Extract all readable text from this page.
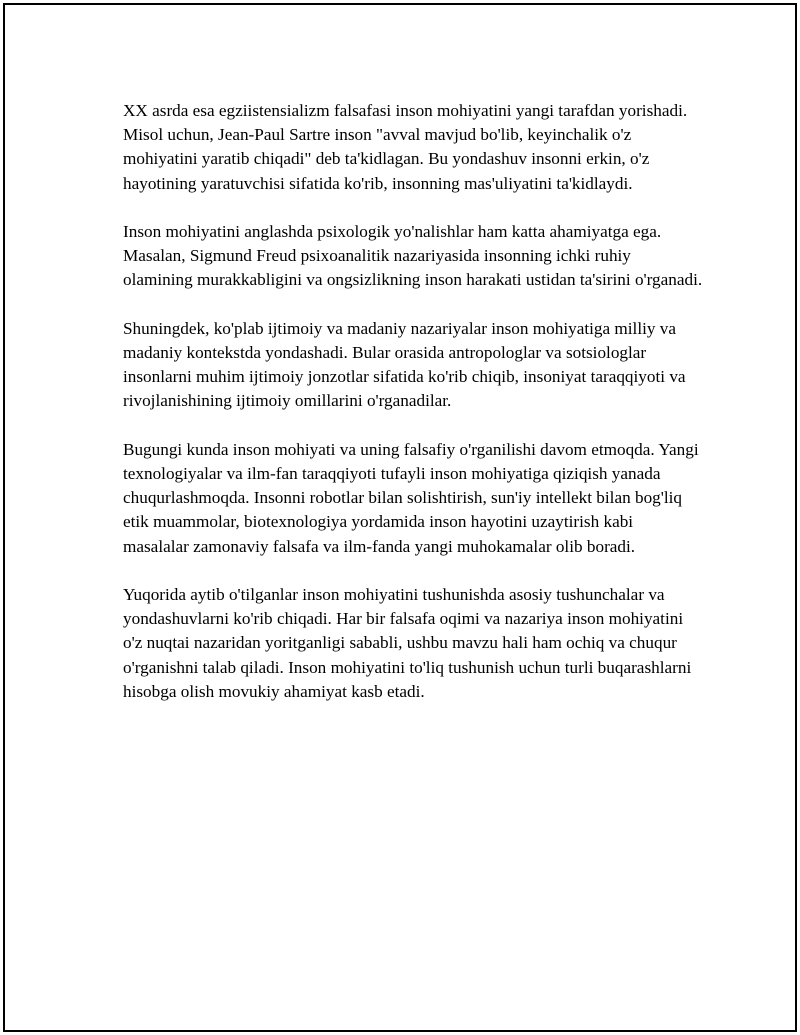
XX asrda esa egziistensializm falsafasi inson mohiyatini yangi tarafdan yorishadi. Misol uchun, Jean-Paul Sartre inson "avval mavjud bo'lib, keyinchalik o'z mohiyatini yaratib chiqadi" deb ta'kidlagan. Bu yondashuv insonni erkin, o'z hayotining yaratuvchisi sifatida ko'rib, insonning mas'uliyatini ta'kidlaydi.

Inson mohiyatini anglashda psixologik yo'nalishlar ham katta ahamiyatga ega. Masalan, Sigmund Freud psixoanalitik nazariyasida insonning ichki ruhiy olamining murakkabligini va ongsizlikning inson harakati ustidan ta'sirini o'rganadi.

Shuningdek, ko'plab ijtimoiy va madaniy nazariyalar inson mohiyatiga milliy va madaniy kontekstda yondashadi. Bular orasida antropologlar va sotsiologlar insonlarni muhim ijtimoiy jonzotlar sifatida ko'rib chiqib, insoniyat taraqqiyoti va rivojlanishining ijtimoiy omillarini o'rganadilar.

Bugungi kunda inson mohiyati va uning falsafiy o'rganilishi davom etmoqda. Yangi texnologiyalar va ilm-fan taraqqiyoti tufayli inson mohiyatiga qiziqish yanada chuqurlashmoqda. Insonni robotlar bilan solishtirish, sun'iy intellekt bilan bog'liq etik muammolar, biotexnologiya yordamida inson hayotini uzaytirish kabi masalalar zamonaviy falsafa va ilm-fanda yangi muhokamalar olib boradi.

Yuqorida aytib o'tilganlar inson mohiyatini tushunishda asosiy tushunchalar va yondashuvlarni ko'rib chiqadi. Har bir falsafa oqimi va nazariya inson mohiyatini o'z nuqtai nazaridan yoritganligi sababli, ushbu mavzu hali ham ochiq va chuqur o'rganishni talab qiladi. Inson mohiyatini to'liq tushunish uchun turli buqarashlarni hisobga olish movukiy ahamiyat kasb etadi.
